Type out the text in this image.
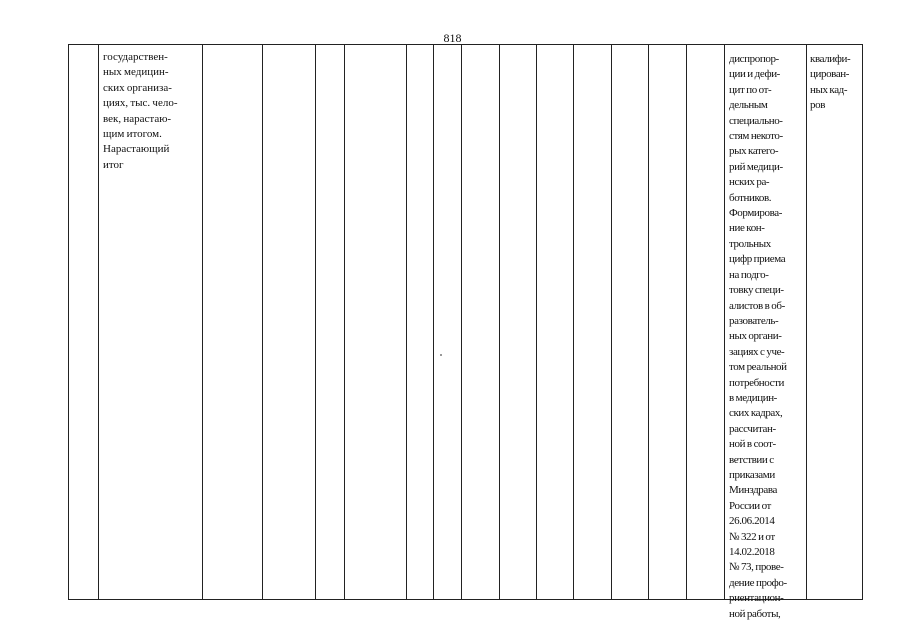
818
государствен-
ных медицин-
ских организа-
циях, тыс. чело-
век, нарастаю-
щим итогом.
Нарастающий
итог
диспропор-
ции и дефи-
цит по от-
дельным
специально-
стям некото-
рых катего-
рий медици-
нских ра-
ботников.
Формирова-
ние кон-
трольных
цифр приема
на подго-
товку специ-
алистов в об-
разователь-
ных органи-
зациях с уче-
том реальной
потребности
в медицин-
ских кадрах,
рассчитан-
ной в соот-
ветствии с
приказами
Минздрава
России от
26.06.2014
№ 322 и от
14.02.2018
№ 73, прове-
дение профо-
риентацион-
ной работы,
квалифи-
цирован-
ных кад-
ров
